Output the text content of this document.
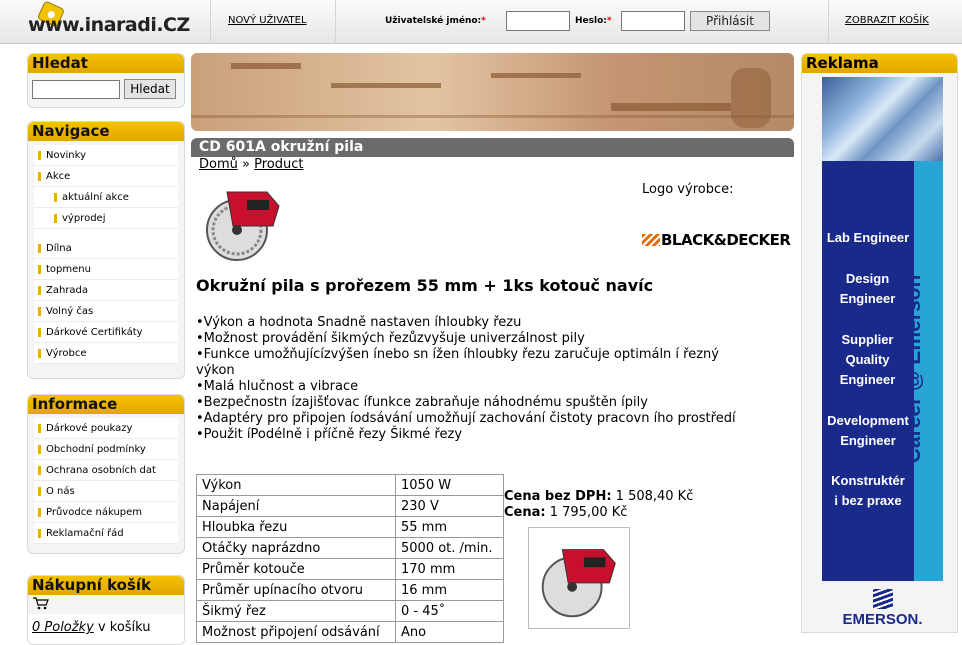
www.inaradi.CZ	NOVÝ UŽIVATEL	Uživatelské jméno:*	Heslo:*	Přihlásit	ZOBRAZIT KOŠÍK
Hledat
Hledat
Navigace
Novinky
Akce
aktuální akce
výprodej
Dílna
topmenu
Zahrada
Volný čas
Dárkové Certifikáty
Výrobce
Informace
Dárkové poukazy
Obchodní podmínky
Ochrana osobních dat
O nás
Průvodce nákupem
Reklamační řád
Nákupní košík
0 Položky v košíku
CD 601A okružní pila
Domů » Product
Logo výrobce:
BLACK&DECKER
Okružní pila s prořezem 55 mm + 1ks kotouč navíc
•Výkon a hodnota Snadně nastaven íhloubky řezu
•Možnost provádění šikmých řezůzvyšuje univerzálnost pily
•Funkce umožňujícízvýšen ínebo sn ížen íhloubky řezu zaručuje optimáln í řezný výkon
•Malá hlučnost a vibrace
•Bezpečnostn ízajišťovac ífunkce zabraňuje náhodnému spuštěn ípily
•Adaptéry pro připojen íodsávání umožňují zachování čistoty pracovn ího prostředí
•Použit íPodélně i příčně řezy Šikmé řezy
Výkon	1050 W
Napájení	230 V
Hloubka řezu	55 mm
Otáčky naprázdno	5000 ot. /min.
Průměr kotouče	170 mm
Průměr upínacího otvoru	16 mm
Šikmý řez	0 - 45˚
Možnost připojení odsávání	Ano
Cena bez DPH: 1 508,40 Kč
Cena: 1 795,00 Kč
Reklama
Lab Engineer
Design Engineer
Supplier Quality Engineer
Development Engineer
Konstruktér i bez praxe
Career @ Emerson
EMERSON.
